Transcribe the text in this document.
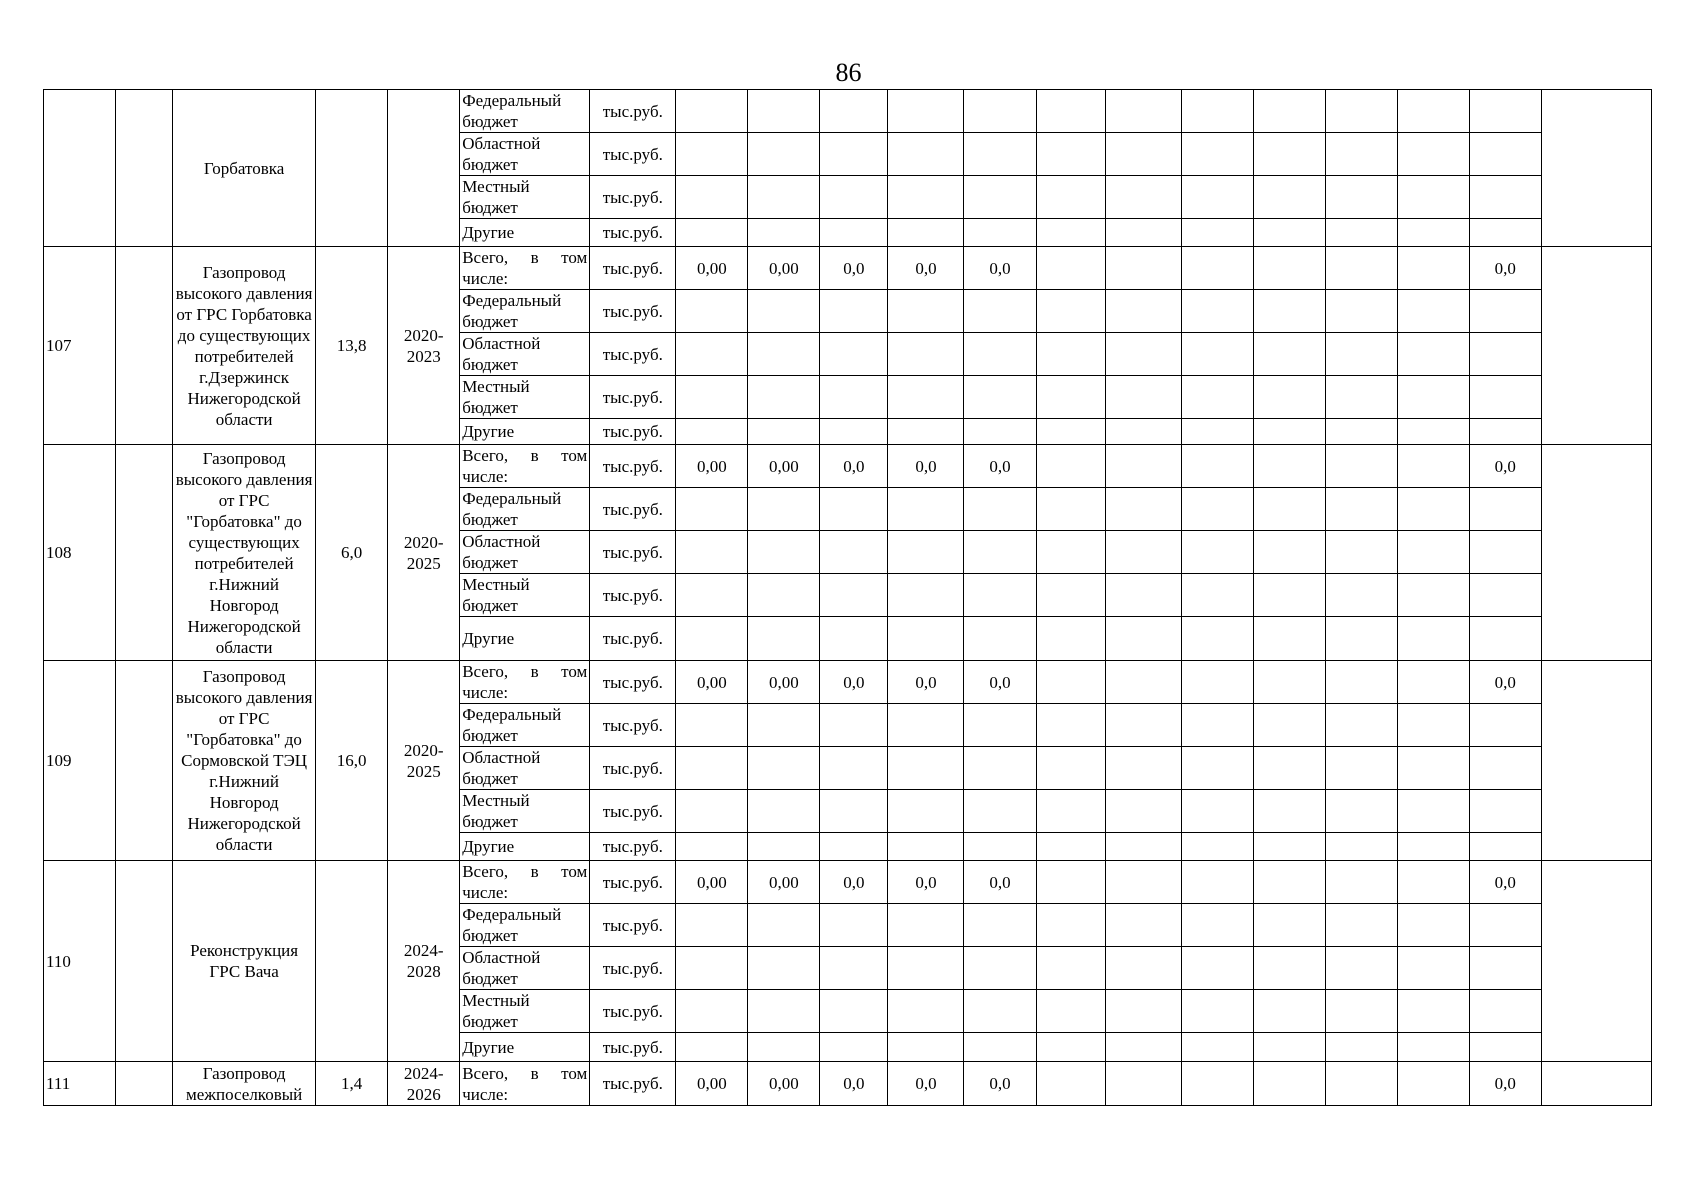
86
		Горбатовка			Федеральный бюджет	тыс.руб.													
					Областной бюджет	тыс.руб.													
					Местный бюджет	тыс.руб.													
					Другие	тыс.руб.													
107		Газопровод высокого давления от ГРС Горбатовка до существующих потребителей г.Дзержинск Нижегородской области	13,8	2020-2023	Всего, в том числе:	тыс.руб.	0,00	0,00	0,0	0,0	0,0							0,0	
					Федеральный бюджет	тыс.руб.													
					Областной бюджет	тыс.руб.													
					Местный бюджет	тыс.руб.													
					Другие	тыс.руб.													
108		Газопровод высокого давления от ГРС "Горбатовка" до существующих потребителей г.Нижний Новгород Нижегородской области	6,0	2020-2025	Всего, в том числе:	тыс.руб.	0,00	0,00	0,0	0,0	0,0							0,0	
					Федеральный бюджет	тыс.руб.													
					Областной бюджет	тыс.руб.													
					Местный бюджет	тыс.руб.													
					Другие	тыс.руб.													
109		Газопровод высокого давления от ГРС "Горбатовка" до Сормовской ТЭЦ г.Нижний Новгород Нижегородской области	16,0	2020-2025	Всего, в том числе:	тыс.руб.	0,00	0,00	0,0	0,0	0,0							0,0	
					Федеральный бюджет	тыс.руб.													
					Областной бюджет	тыс.руб.													
					Местный бюджет	тыс.руб.													
					Другие	тыс.руб.													
110		Реконструкция ГРС Вача		2024-2028	Всего, в том числе:	тыс.руб.	0,00	0,00	0,0	0,0	0,0							0,0	
					Федеральный бюджет	тыс.руб.													
					Областной бюджет	тыс.руб.													
					Местный бюджет	тыс.руб.													
					Другие	тыс.руб.													
111		Газопровод межпоселковый	1,4	2024-2026	Всего, в том числе:	тыс.руб.	0,00	0,00	0,0	0,0	0,0							0,0	
